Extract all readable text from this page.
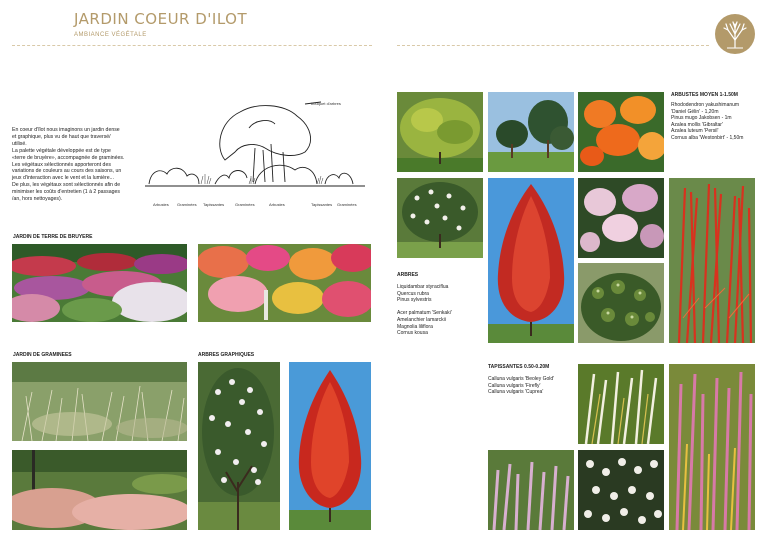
JARDIN COEUR D'ILOT
AMBIANCE VÉGÉTALE
En coeur d'îlot nous imaginons un jardin dense
et graphique, plus vu de haut que traversé/
utilisé.
La palette végétale développée est de type
«terre de bruyère», accompagnée de graminées.
Les végétaux sélectionnés apporteront des
variations de couleurs au cours des saisons, un
jeux d'interaction avec le vent et la lumière...
De plus, les végétaux sont sélectionnés afin de
minimiser les coûts d'entretien (1 à 2 passages
/an, hors nettoyages).
bouquet d'arbres
Arbustes Graminées Tapissantes	Graminées	Arbustes	Tapissantes Graminées
JARDIN DE TERRE DE BRUYERE
JARDIN DE GRAMINEES	ARBRES GRAPHIQUES
ARBUSTES MOYEN 1-1.50M
Rhododendron yakushimanum
'Daniel Gélin' - 1,20m
Pinus mugo Jakobsen - 1m
Azalea mollis 'Gibraltar'
Azalea luteum 'Persil'
Cornus alba 'Westonbirt' - 1,50m
ARBRES
Liquidambar styraciflua
Quercus rubra
Pinus sylvestris
Acer palmatum 'Senkaki'
Amelanchier lamarckii
Magnolia liliflora
Cornus kousa
TAPISSANTES 0.50-0.20M
Calluna vulgaris 'Beoley Gold'
Calluna vulgaris 'Firefly'
Calluna vulgaris 'Cuprea'
